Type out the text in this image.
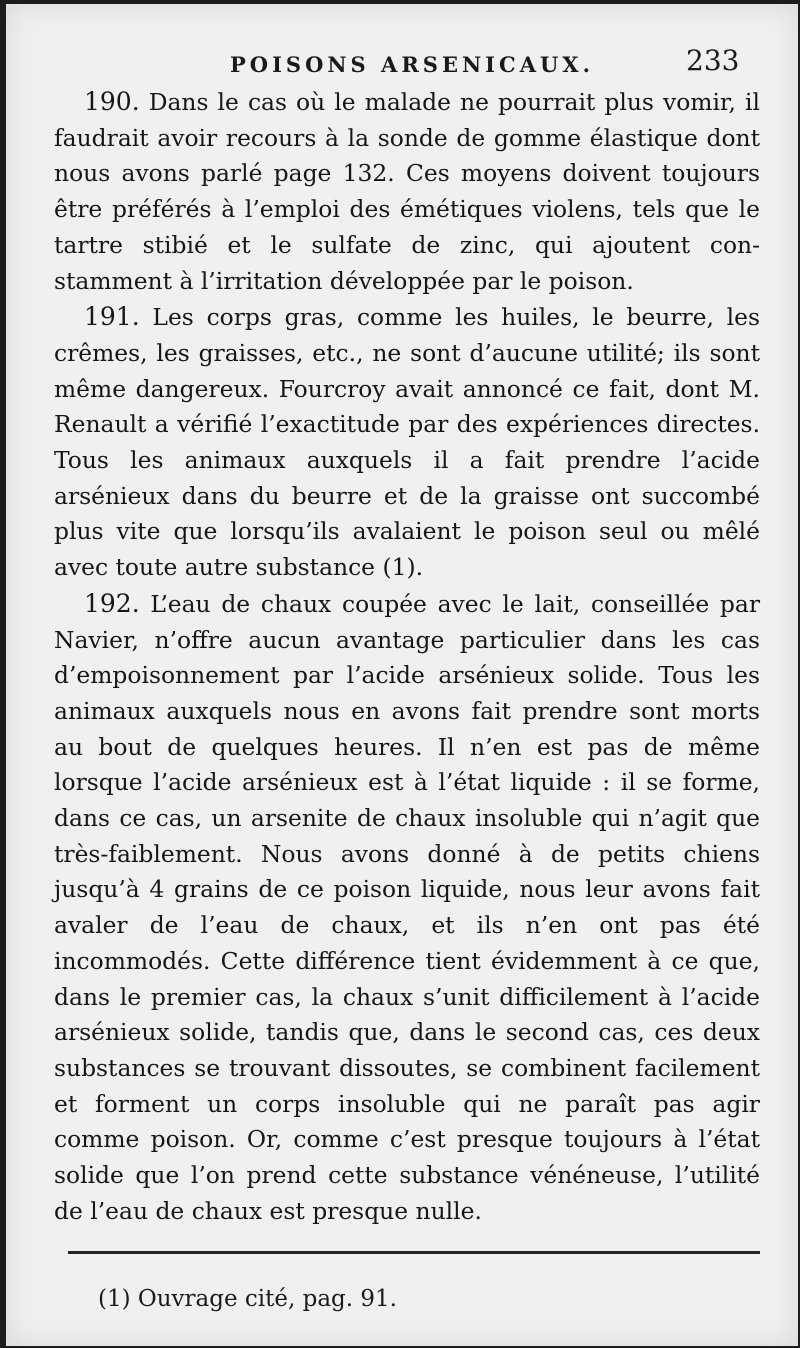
POISONS ARSENICAUX.	233

190. Dans le cas où le malade ne pourrait plus vomir, il faudrait avoir recours à la sonde de gomme élastique dont nous avons parlé page 132. Ces moyens doivent toujours être préférés à l’emploi des émétiques violens, tels que le tartre stibié et le sulfate de zinc, qui ajoutent constamment à l’irritation développée par le poison.

191. Les corps gras, comme les huiles, le beurre, les crêmes, les graisses, etc., ne sont d’aucune utilité; ils sont même dangereux. Fourcroy avait annoncé ce fait, dont M. Renault a vérifié l’exactitude par des expériences directes. Tous les animaux auxquels il a fait prendre l’acide arsénieux dans du beurre et de la graisse ont succombé plus vite que lorsqu’ils avalaient le poison seul ou mêlé avec toute autre substance (1).

192. L’eau de chaux coupée avec le lait, conseillée par Navier, n’offre aucun avantage particulier dans les cas d’empoisonnement par l’acide arsénieux solide. Tous les animaux auxquels nous en avons fait prendre sont morts au bout de quelques heures. Il n’en est pas de même lorsque l’acide arsénieux est à l’état liquide : il se forme, dans ce cas, un arsenite de chaux insoluble qui n’agit que très-faiblement. Nous avons donné à de petits chiens jusqu’à 4 grains de ce poison liquide, nous leur avons fait avaler de l’eau de chaux, et ils n’en ont pas été incommodés. Cette différence tient évidemment à ce que, dans le premier cas, la chaux s’unit difficilement à l’acide arsénieux solide, tandis que, dans le second cas, ces deux substances se trouvant dissoutes, se combinent facilement et forment un corps insoluble qui ne paraît pas agir comme poison. Or, comme c’est presque toujours à l’état solide que l’on prend cette substance vénéneuse, l’utilité de l’eau de chaux est presque nulle.

(1) Ouvrage cité, pag. 91.
